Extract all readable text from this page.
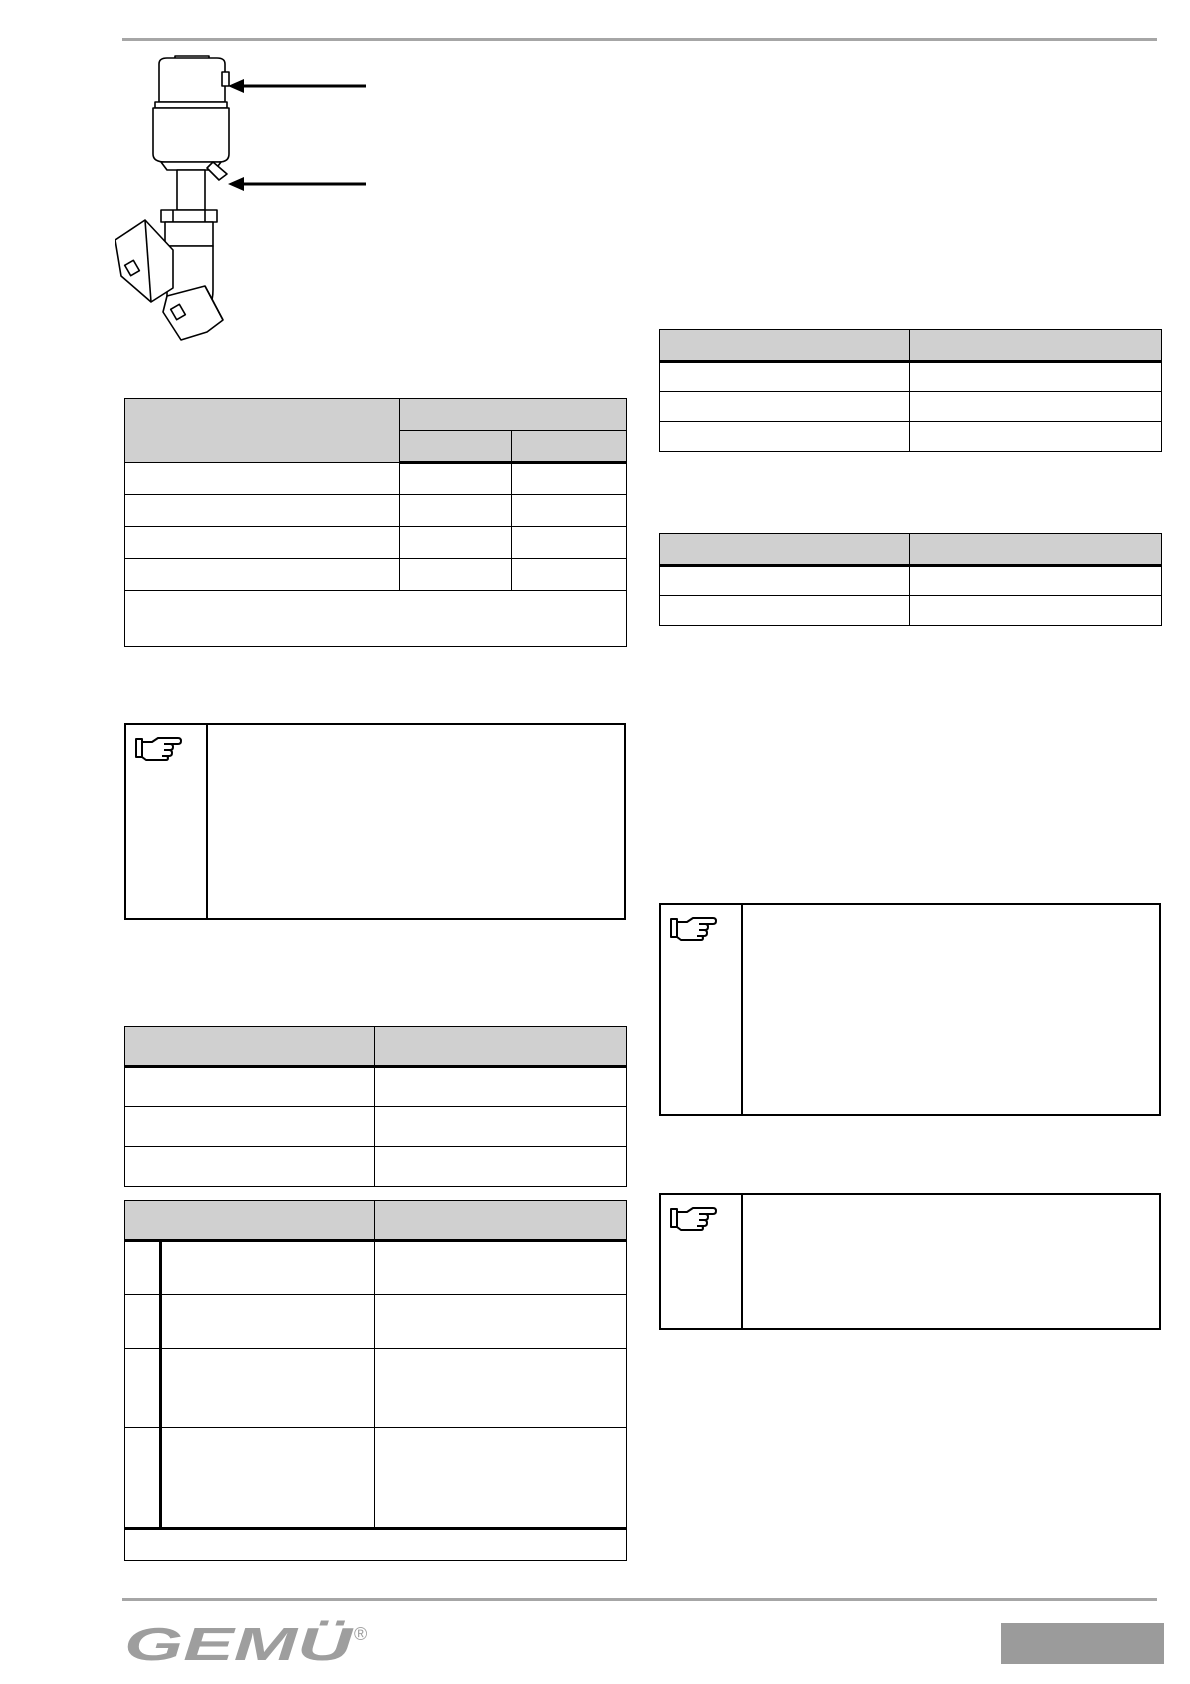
GEMÜ ®
